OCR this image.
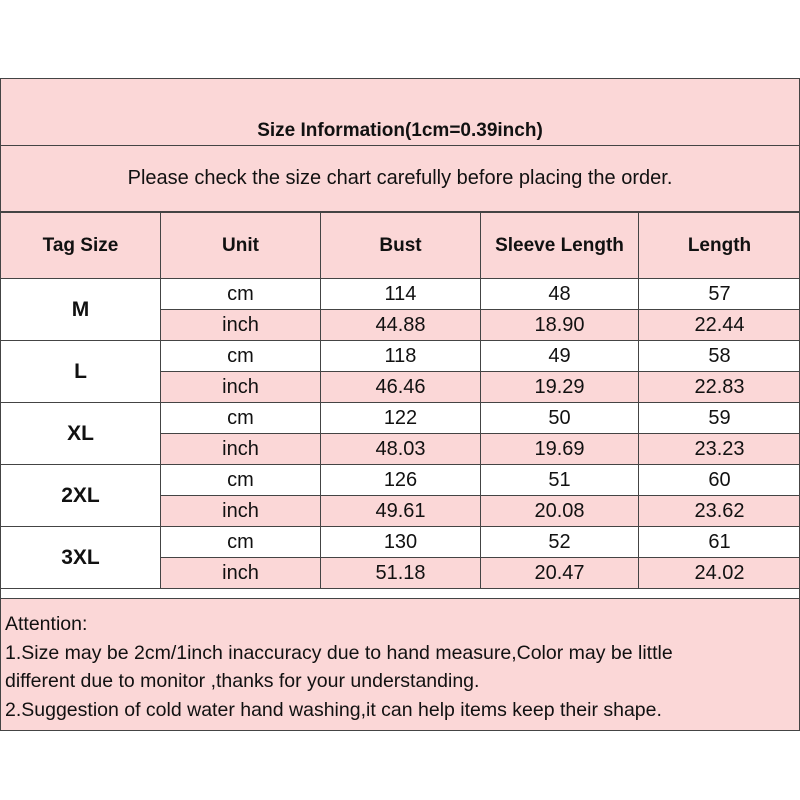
Size Information(1cm=0.39inch)
Please check the size chart carefully before placing the order.
Tag Size	Unit	Bust	Sleeve Length	Length
M	cm	114	48	57
	inch	44.88	18.90	22.44
L	cm	118	49	58
	inch	46.46	19.29	22.83
XL	cm	122	50	59
	inch	48.03	19.69	23.23
2XL	cm	126	51	60
	inch	49.61	20.08	23.62
3XL	cm	130	52	61
	inch	51.18	20.47	24.02
Attention:
1.Size may be 2cm/1inch inaccuracy due to hand measure,Color may be little
different due to monitor ,thanks for your understanding.
2.Suggestion of cold water hand washing,it can help items keep their shape.
